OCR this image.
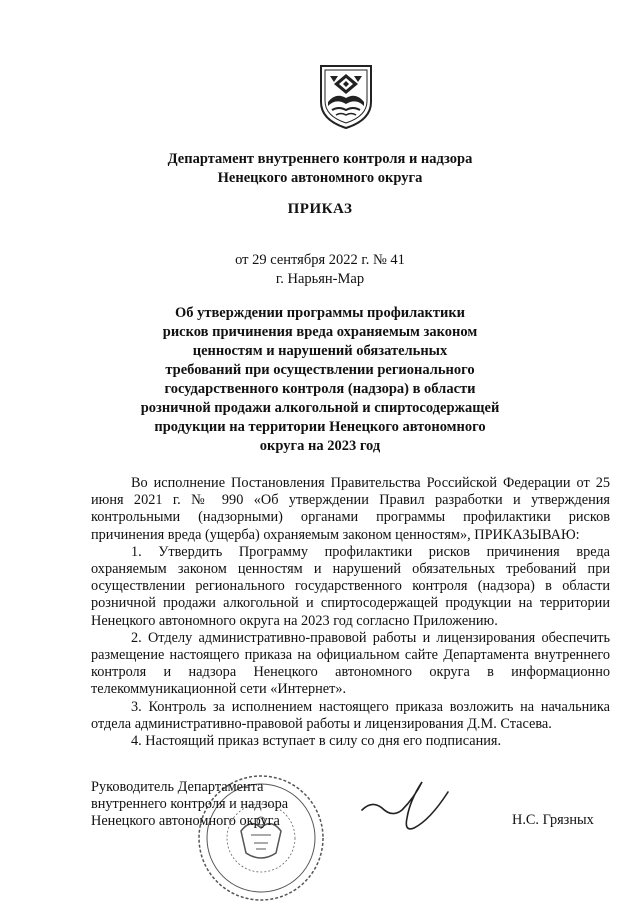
Департамент внутреннего контроля и надзора
Ненецкого автономного округа
ПРИКАЗ
от 29 сентября 2022 г. № 41
г. Нарьян-Мар
Об утверждении программы профилактики
рисков причинения вреда охраняемым законом
ценностям и нарушений обязательных
требований при осуществлении регионального
государственного контроля (надзора) в области
розничной продажи алкогольной и спиртосодержащей
продукции на территории Ненецкого автономного
округа на 2023 год

Во исполнение Постановления Правительства Российской Федерации от 25 июня 2021 г. № 990 «Об утверждении Правил разработки и утверждения контрольными (надзорными) органами программы профилактики рисков причинения вреда (ущерба) охраняемым законом ценностям», ПРИКАЗЫВАЮ:

1. Утвердить Программу профилактики рисков причинения вреда охраняемым законом ценностям и нарушений обязательных требований при осуществлении регионального государственного контроля (надзора) в области розничной продажи алкогольной и спиртосодержащей продукции на территории Ненецкого автономного округа на 2023 год согласно Приложению.

2. Отделу административно-правовой работы и лицензирования обеспечить размещение настоящего приказа на официальном сайте Департамента внутреннего контроля и надзора Ненецкого автономного округа в информационно телекоммуникационной сети «Интернет».

3. Контроль за исполнением настоящего приказа возложить на начальника отдела административно-правовой работы и лицензирования Д.М. Стасева.

4. Настоящий приказ вступает в силу со дня его подписания.

Руководитель Департамента
внутреннего контроля и надзора
Ненецкого автономного округа	Н.С. Грязных
